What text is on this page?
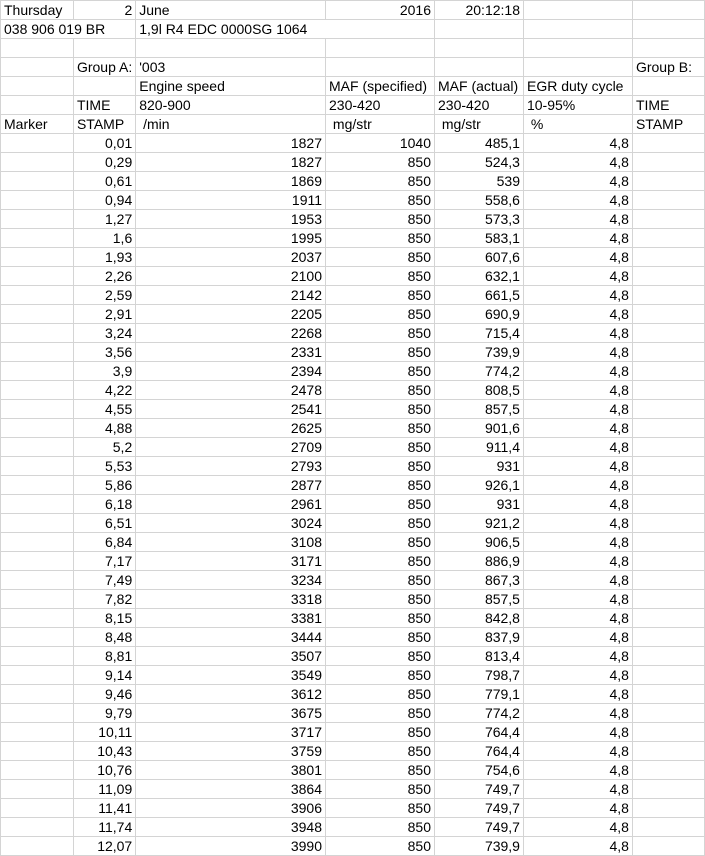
Thursday	2	June	2016	20:12:18		
038 906 019 BR		1,9l R4 EDC 0000SG 1064				

	Group A:	'003				Group B:
		Engine speed	MAF (specified)	MAF (actual)	EGR duty cycle	
	TIME	820-900	230-420	230-420	10-95%	TIME
Marker	STAMP	/min	mg/str	mg/str	%	STAMP
	0,01	1827	1040	485,1	4,8	
	0,29	1827	850	524,3	4,8	
	0,61	1869	850	539	4,8	
	0,94	1911	850	558,6	4,8	
	1,27	1953	850	573,3	4,8	
	1,6	1995	850	583,1	4,8	
	1,93	2037	850	607,6	4,8	
	2,26	2100	850	632,1	4,8	
	2,59	2142	850	661,5	4,8	
	2,91	2205	850	690,9	4,8	
	3,24	2268	850	715,4	4,8	
	3,56	2331	850	739,9	4,8	
	3,9	2394	850	774,2	4,8	
	4,22	2478	850	808,5	4,8	
	4,55	2541	850	857,5	4,8	
	4,88	2625	850	901,6	4,8	
	5,2	2709	850	911,4	4,8	
	5,53	2793	850	931	4,8	
	5,86	2877	850	926,1	4,8	
	6,18	2961	850	931	4,8	
	6,51	3024	850	921,2	4,8	
	6,84	3108	850	906,5	4,8	
	7,17	3171	850	886,9	4,8	
	7,49	3234	850	867,3	4,8	
	7,82	3318	850	857,5	4,8	
	8,15	3381	850	842,8	4,8	
	8,48	3444	850	837,9	4,8	
	8,81	3507	850	813,4	4,8	
	9,14	3549	850	798,7	4,8	
	9,46	3612	850	779,1	4,8	
	9,79	3675	850	774,2	4,8	
	10,11	3717	850	764,4	4,8	
	10,43	3759	850	764,4	4,8	
	10,76	3801	850	754,6	4,8	
	11,09	3864	850	749,7	4,8	
	11,41	3906	850	749,7	4,8	
	11,74	3948	850	749,7	4,8	
	12,07	3990	850	739,9	4,8	
